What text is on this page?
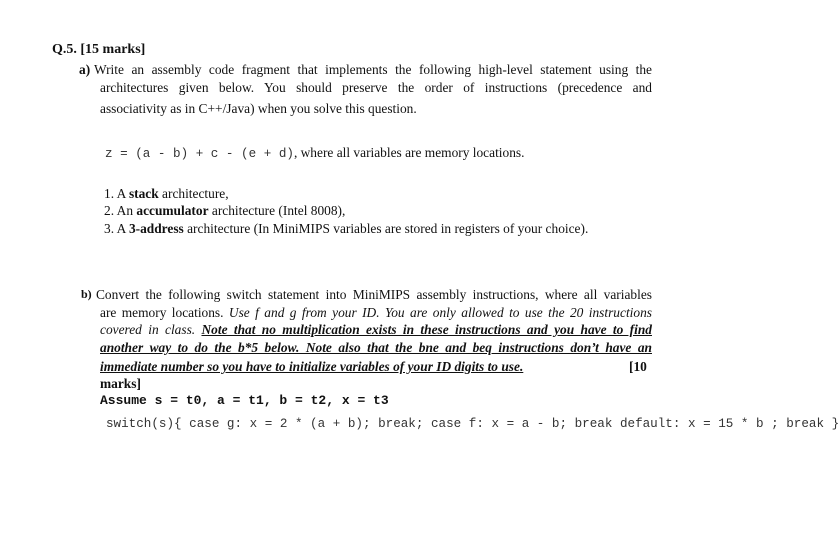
Q.5. [15 marks]
a) Write an assembly code fragment that implements the following high-level statement using the
architectures given below. You should preserve the order of instructions (precedence and
associativity as in C++/Java) when you solve this question.
z = (a - b) + c - (e + d), where all variables are memory locations.
1. A stack architecture,
2. An accumulator architecture (Intel 8008),
3. A 3-address architecture (In MiniMIPS variables are stored in registers of your choice).
b) Convert the following switch statement into MiniMIPS assembly instructions, where all variables
are memory locations. Use f and g from your ID. You are only allowed to use the 20 instructions
covered in class. Note that no multiplication exists in these instructions and you have to find
another way to do the b*5 below. Note also that the bne and beq instructions don’t have an
immediate number so you have to initialize variables of your ID digits to use.	[10
marks]
Assume s = t0, a = t1, b = t2, x = t3
switch(s){ case g: x = 2 * (a + b); break; case f: x = a - b; break default: x = 15 * b ; break }
